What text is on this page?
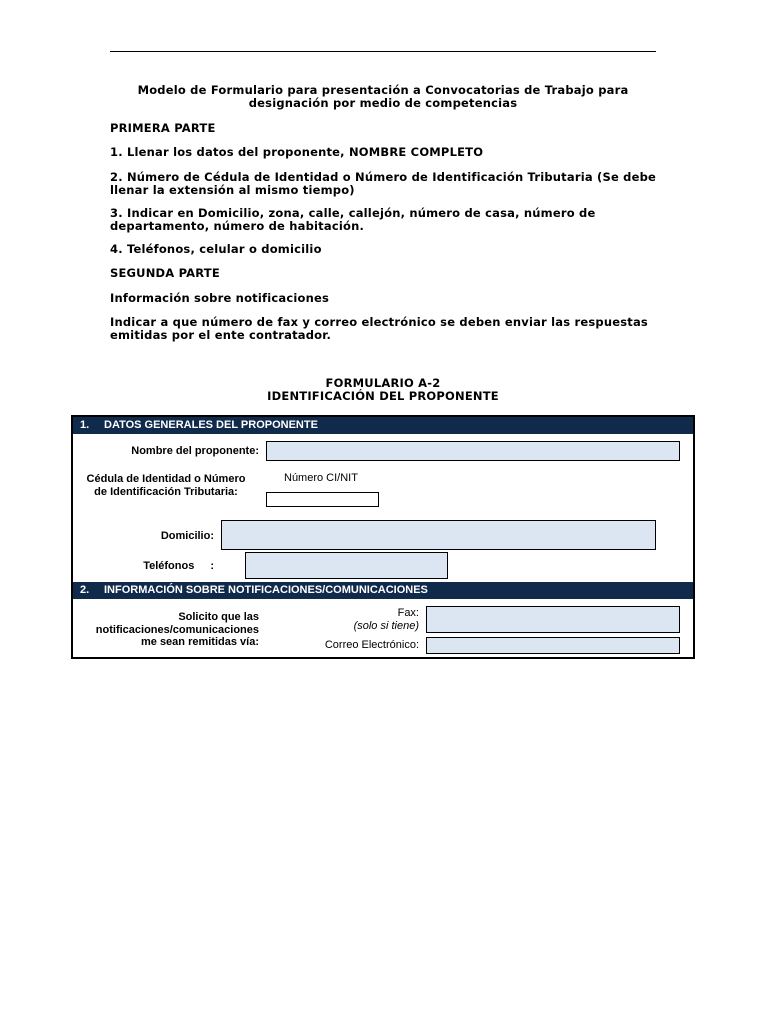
Modelo de Formulario para presentación a Convocatorias de Trabajo para
designación por medio de competencias
PRIMERA PARTE
1. Llenar los datos del proponente, NOMBRE COMPLETO
2. Número de Cédula de Identidad o Número de Identificación Tributaria (Se debe
llenar la extensión al mismo tiempo)
3. Indicar en Domicilio, zona, calle, callejón, número de casa, número de
departamento, número de habitación.
4. Teléfonos, celular o domicilio
SEGUNDA PARTE
Información sobre notificaciones
Indicar a que número de fax y correo electrónico se deben enviar las respuestas
emitidas por el ente contratador.
FORMULARIO A-2
IDENTIFICACIÓN DEL PROPONENTE
1. DATOS GENERALES DEL PROPONENTE
Nombre del proponente:
Cédula de Identidad o Número
de Identificación Tributaria:
Número CI/NIT
Domicilio:
Teléfonos :
2. INFORMACIÓN SOBRE NOTIFICACIONES/COMUNICACIONES
Solicito que las
notificaciones/comunicaciones
me sean remitidas vía:
Fax:
(solo si tiene)
Correo Electrónico:
